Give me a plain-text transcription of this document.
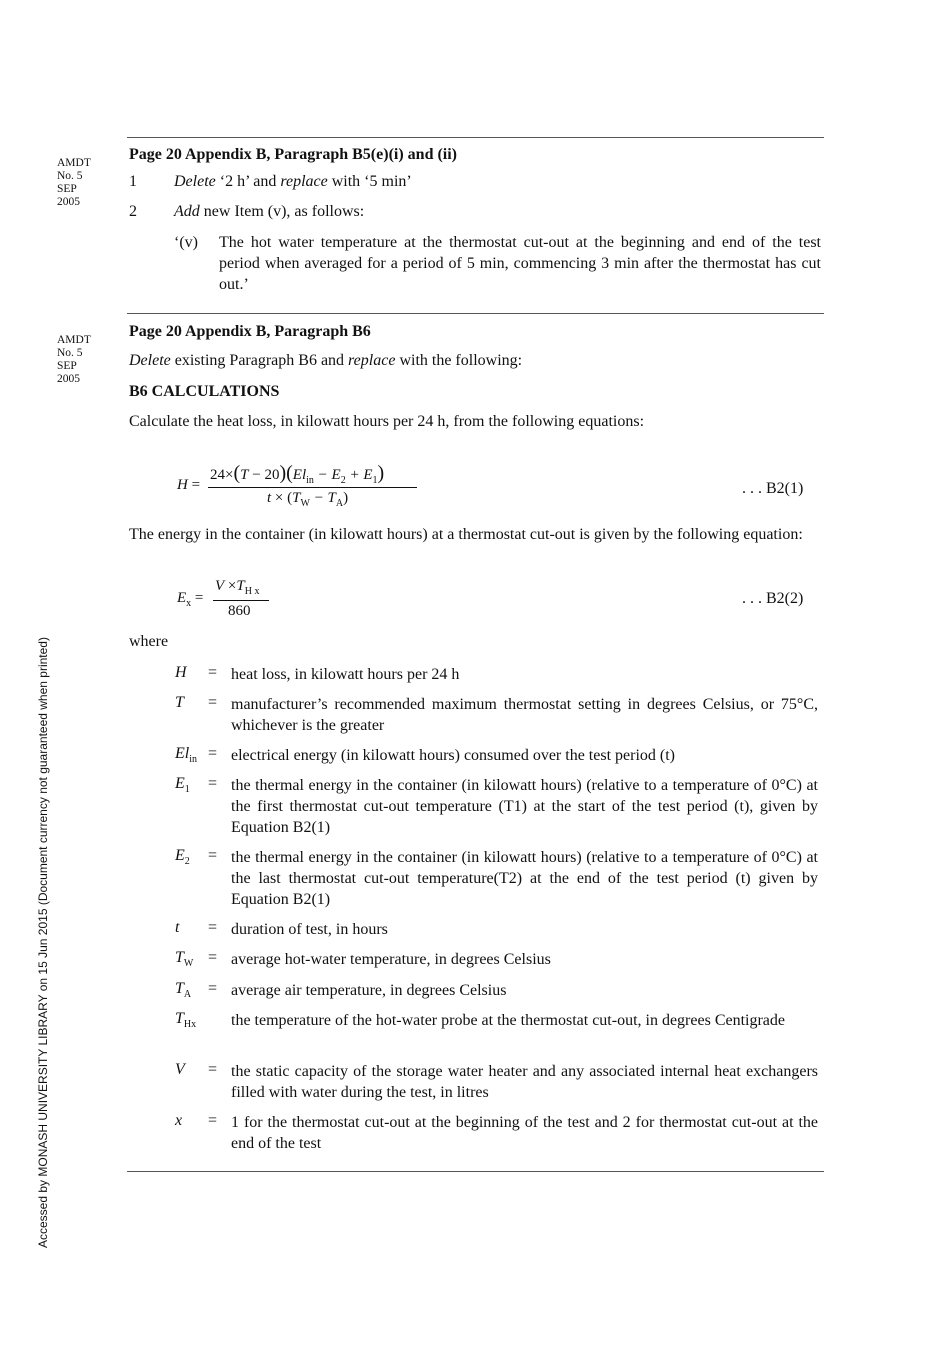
AMDT
No. 5
SEP
2005
AMDT
No. 5
SEP
2005
Page 20 Appendix B, Paragraph B5(e)(i) and (ii)
1 Delete ‘2 h’ and replace with ‘5 min’
2 Add new Item (v), as follows:
‘(v) The hot water temperature at the thermostat cut-out at the beginning and end of the test period when averaged for a period of 5 min, commencing 3 min after the thermostat has cut out.’
Page 20 Appendix B, Paragraph B6
Delete existing Paragraph B6 and replace with the following:
B6 CALCULATIONS
Calculate the heat loss, in kilowatt hours per 24 h, from the following equations:
H =
$24\times(T - 20)(El_{in} - E_2 + E_1)$
$t \times (T_W - T_A)$
. . . B2(1)
The energy in the container (in kilowatt hours) at a thermostat cut-out is given by the following equation:
$E_x$ =
$V \times T_{H x}$
860
. . . B2(2)
where
H = heat loss, in kilowatt hours per 24 h
T = manufacturer’s recommended maximum thermostat setting in degrees Celsius, or 75°C, whichever is the greater
$El_{in}$ = electrical energy (in kilowatt hours) consumed over the test period (t)
$E_1$ = the thermal energy in the container (in kilowatt hours) (relative to a temperature of 0°C) at the first thermostat cut-out temperature (T1) at the start of the test period (t), given by Equation B2(1)
$E_2$ = the thermal energy in the container (in kilowatt hours) (relative to a temperature of 0°C) at the last thermostat cut-out temperature(T2) at the end of the test period (t) given by Equation B2(1)
t = duration of test, in hours
$T_W$ = average hot-water temperature, in degrees Celsius
$T_A$ = average air temperature, in degrees Celsius
$T_{Hx}$ the temperature of the hot-water probe at the thermostat cut-out, in degrees Centigrade
V = the static capacity of the storage water heater and any associated internal heat exchangers filled with water during the test, in litres
x = 1 for the thermostat cut-out at the beginning of the test and 2 for thermostat cut-out at the end of the test
Accessed by MONASH UNIVERSITY LIBRARY on 15 Jun 2015 (Document currency not guaranteed when printed)
